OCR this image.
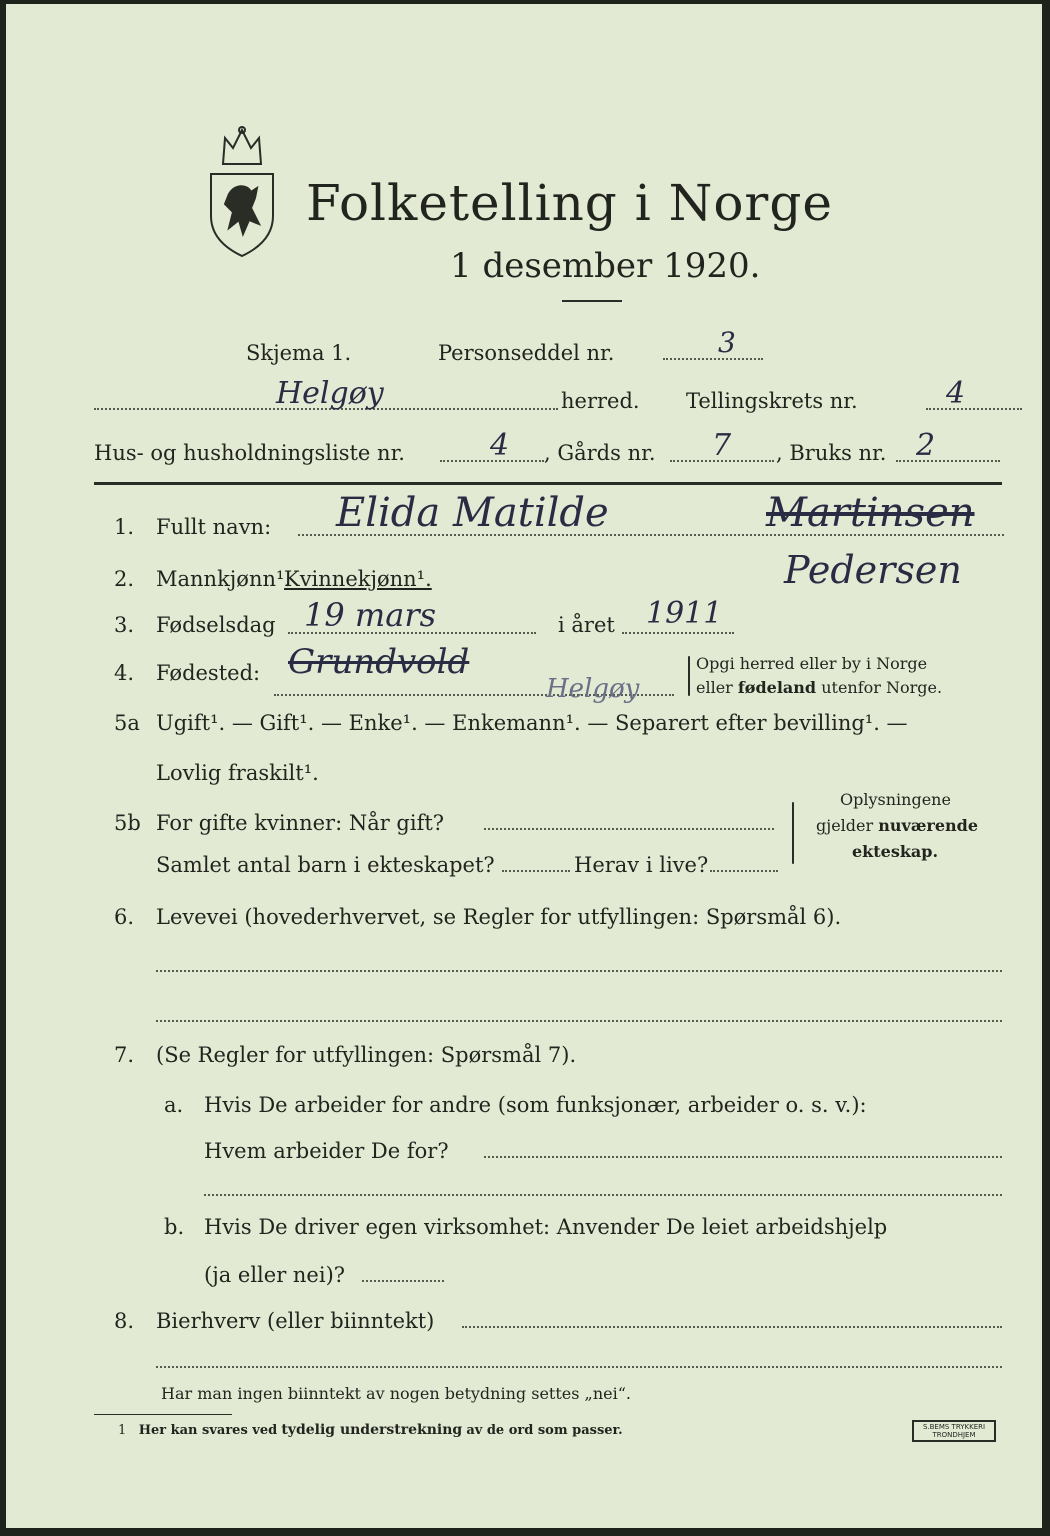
Folketelling i Norge
1 desember 1920.
Skjema 1.	Personseddel nr.	3
Helgøy	herred. Tellingskrets nr.	4
Hus- og husholdningsliste nr.	4 , Gårds nr. 7 , Bruks nr. 2
1. Fullt navn: Elida Matilde	Martinsen
Pedersen
2. Mannkjønn¹.
Kvinnekjønn¹.
3. Fødselsdag 19 mars	i året 1911
4. Fødested: Grundvold
Helgøy
Opgi herred eller by i Norge
eller fødeland utenfor Norge.
5a Ugift¹. — Gift¹. — Enke¹. — Enkemann¹. — Separert efter bevilling¹. —
Lovlig fraskilt¹.
5b For gifte kvinner: Når gift?
Samlet antal barn i ekteskapet?	Herav i live?
Oplysningene
gjelder nuværende
ekteskap.
6. Levevei (hovederhvervet, se Regler for utfyllingen: Spørsmål 6).
7. (Se Regler for utfyllingen: Spørsmål 7).
a. Hvis De arbeider for andre (som funksjonær, arbeider o. s. v.):
Hvem arbeider De for?
b. Hvis De driver egen virksomhet: Anvender De leiet arbeidshjelp
(ja eller nei)?
8. Bierhverv (eller biinntekt)
Har man ingen biinntekt av nogen betydning settes „nei“.
1 Her kan svares ved tydelig understrekning av de ord som passer.	S.BEMS TRYKKERI
TRONDHJEM
